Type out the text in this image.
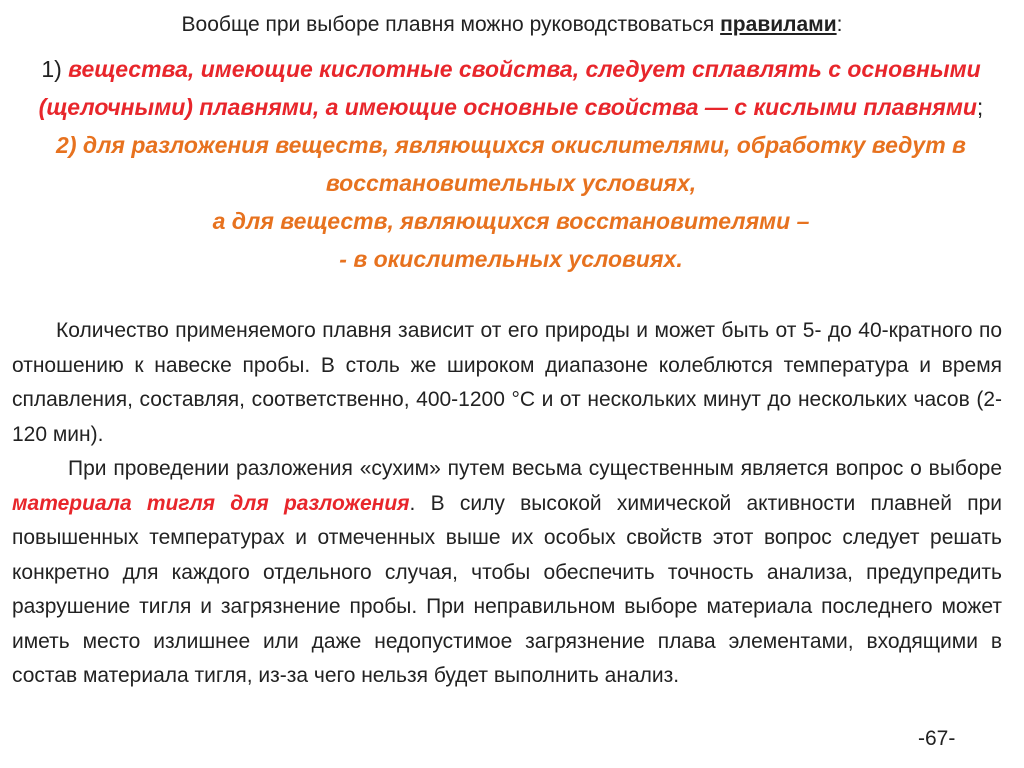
Вообще при выборе плавня можно руководствоваться правилами:
1) вещества, имеющие кислотные свойства, следует сплавлять с основными (щелочными) плавнями, а имеющие основные свойства — с кислыми плавнями;
2) для разложения веществ, являющихся окислителями, обработку ведут в восстановительных условиях,
а для веществ, являющихся восстановителями –
- в окислительных условиях.

Количество применяемого плавня зависит от его природы и может быть от 5- до 40-кратного по отношению к навеске пробы. В столь же широком диапазоне колеблются температура и время сплавления, составляя, соответственно, 400-1200 °С и от нескольких минут до нескольких часов (2-120 мин).

При проведении разложения «сухим» путем весьма существенным является вопрос о выборе материала тигля для разложения. В силу высокой химической активности плавней при повышенных температурах и отмеченных выше их особых свойств этот вопрос следует решать конкретно для каждого отдельного случая, чтобы обеспечить точность анализа, предупредить разрушение тигля и загрязнение пробы. При неправильном выборе материала последнего может иметь место излишнее или даже недопустимое загрязнение плава элементами, входящими в состав материала тигля, из-за чего нельзя будет выполнить анализ.

-67-
